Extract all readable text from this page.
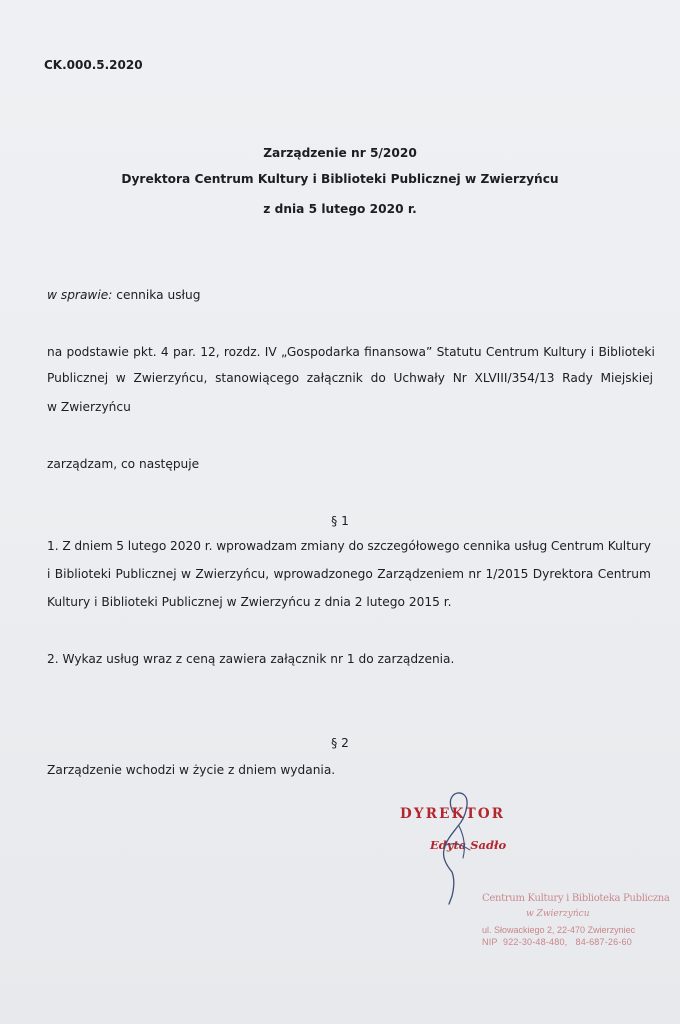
CK.000.5.2020
Zarządzenie nr 5/2020
Dyrektora Centrum Kultury i Biblioteki Publicznej w Zwierzyńcu
z dnia 5 lutego 2020 r.
w sprawie: cennika usług
na podstawie pkt. 4 par. 12, rozdz. IV „Gospodarka finansowa” Statutu Centrum Kultury i Biblioteki
Publicznej w Zwierzyńcu, stanowiącego załącznik do Uchwały Nr XLVIII/354/13 Rady Miejskiej
w Zwierzyńcu
zarządzam, co następuje
§ 1
1. Z dniem 5 lutego 2020 r. wprowadzam zmiany do szczegółowego cennika usług Centrum Kultury
i Biblioteki Publicznej w Zwierzyńcu, wprowadzonego Zarządzeniem nr 1/2015 Dyrektora Centrum
Kultury i Biblioteki Publicznej w Zwierzyńcu z dnia 2 lutego 2015 r.
2. Wykaz usług wraz z ceną zawiera załącznik nr 1 do zarządzenia.
§ 2
Zarządzenie wchodzi w życie z dniem wydania.
DYREKTOR
Edyta Sadło
Centrum Kultury i Biblioteka Publiczna
w Zwierzyńcu
ul. Słowackiego 2, 22-470 Zwierzyniec
NIP 922-30-48-480, 84-687-26-60
